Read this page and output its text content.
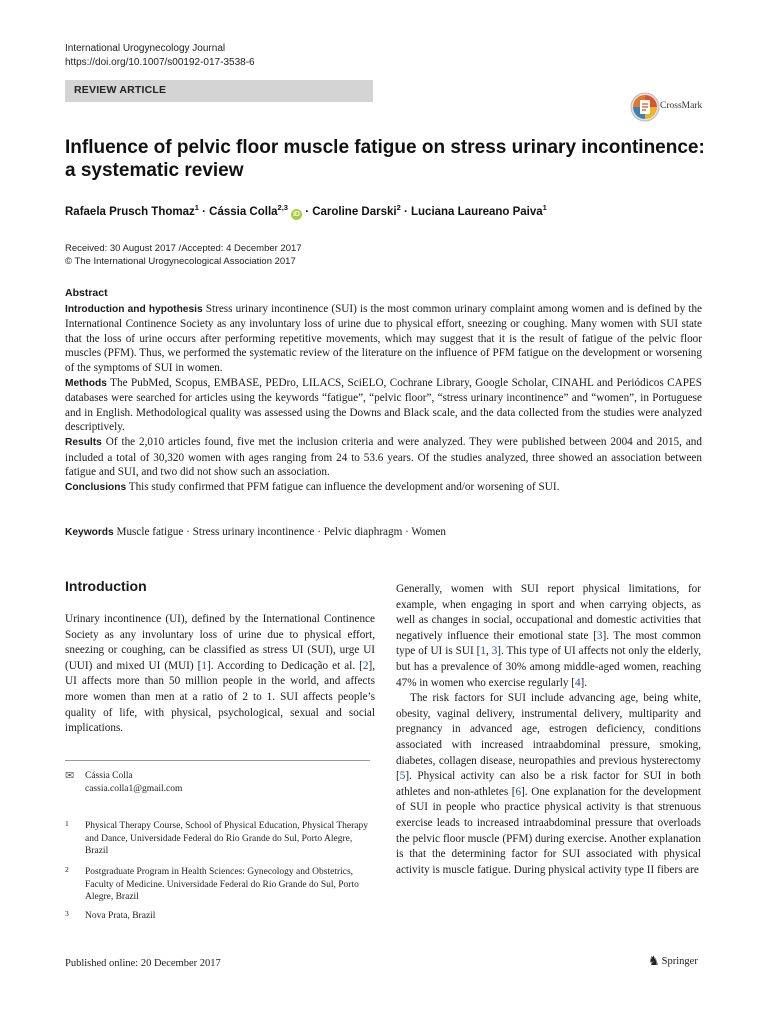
International Urogynecology Journal
https://doi.org/10.1007/s00192-017-3538-6
REVIEW ARTICLE
CrossMark
Influence of pelvic floor muscle fatigue on stress urinary incontinence:
a systematic review
Rafaela Prusch Thomaz$^1$ · Cássia Colla$^{2,3}$iD · Caroline Darski$^2$ · Luciana Laureano Paiva$^1$
Received: 30 August 2017 /Accepted: 4 December 2017
© The International Urogynecological Association 2017
Abstract

Introduction and hypothesis Stress urinary incontinence (SUI) is the most common urinary complaint among women and is defined by the International Continence Society as any involuntary loss of urine due to physical effort, sneezing or coughing. Many women with SUI state that the loss of urine occurs after performing repetitive movements, which may suggest that it is the result of fatigue of the pelvic floor muscles (PFM). Thus, we performed the systematic review of the literature on the influence of PFM fatigue on the development or worsening of the symptoms of SUI in women.

Methods The PubMed, Scopus, EMBASE, PEDro, LILACS, SciELO, Cochrane Library, Google Scholar, CINAHL and Periódicos CAPES databases were searched for articles using the keywords “fatigue”, “pelvic floor”, “stress urinary incontinence” and “women”, in Portuguese and in English. Methodological quality was assessed using the Downs and Black scale, and the data collected from the studies were analyzed descriptively.

Results Of the 2,010 articles found, five met the inclusion criteria and were analyzed. They were published between 2004 and 2015, and included a total of 30,320 women with ages ranging from 24 to 53.6 years. Of the studies analyzed, three showed an association between fatigue and SUI, and two did not show such an association.

Conclusions This study confirmed that PFM fatigue can influence the development and/or worsening of SUI.

Keywords Muscle fatigue · Stress urinary incontinence · Pelvic diaphragm · Women
Introduction

Urinary incontinence (UI), defined by the International Continence Society as any involuntary loss of urine due to physical effort, sneezing or coughing, can be classified as stress UI (SUI), urge UI (UUI) and mixed UI (MUI) [1]. According to Dedicação et al. [2], UI affects more than 50 million people in the world, and affects more women than men at a ratio of 2 to 1. SUI affects people’s quality of life, with physical, psychological, sexual and social implications.

Generally, women with SUI report physical limitations, for example, when engaging in sport and when carrying objects, as well as changes in social, occupational and domestic activities that negatively influence their emotional state [3]. The most common type of UI is SUI [1, 3]. This type of UI affects not only the elderly, but has a prevalence of 30% among middle-aged women, reaching 47% in women who exercise regularly [4].

The risk factors for SUI include advancing age, being white, obesity, vaginal delivery, instrumental delivery, multiparity and pregnancy in advanced age, estrogen deficiency, conditions associated with increased intraabdominal pressure, smoking, diabetes, collagen disease, neuropathies and previous hysterectomy [5]. Physical activity can also be a risk factor for SUI in both athletes and non-athletes [6]. One explanation for the development of SUI in people who practice physical activity is that strenuous exercise leads to increased intraabdominal pressure that overloads the pelvic floor muscle (PFM) during exercise. Another explanation is that the determining factor for SUI associated with physical activity is muscle fatigue. During physical activity type II fibers are

✉ Cássia Colla
cassia.colla1@gmail.com
1 Physical Therapy Course, School of Physical Education, Physical Therapy and Dance, Universidade Federal do Rio Grande do Sul, Porto Alegre, Brazil
2 Postgraduate Program in Health Sciences: Gynecology and Obstetrics, Faculty of Medicine. Universidade Federal do Rio Grande do Sul, Porto Alegre, Brazil
3 Nova Prata, Brazil
Published online: 20 December 2017	♞ Springer
